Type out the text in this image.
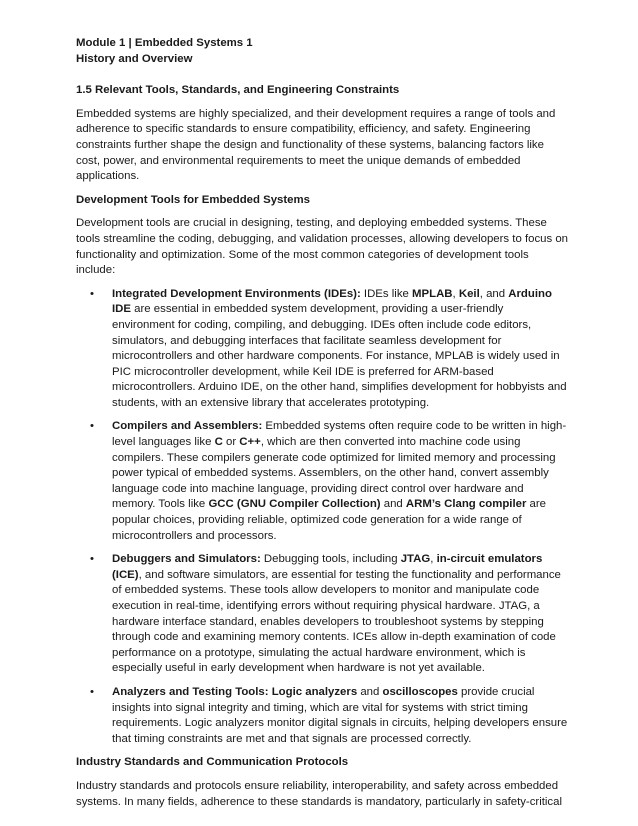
Module 1 | Embedded Systems 1
History and Overview
1.5 Relevant Tools, Standards, and Engineering Constraints

Embedded systems are highly specialized, and their development requires a range of tools and adherence to specific standards to ensure compatibility, efficiency, and safety. Engineering constraints further shape the design and functionality of these systems, balancing factors like cost, power, and environmental requirements to meet the unique demands of embedded applications.

Development Tools for Embedded Systems

Development tools are crucial in designing, testing, and deploying embedded systems. These tools streamline the coding, debugging, and validation processes, allowing developers to focus on functionality and optimization. Some of the most common categories of development tools include:

• Integrated Development Environments (IDEs): IDEs like MPLAB, Keil, and Arduino IDE are essential in embedded system development, providing a user-friendly environment for coding, compiling, and debugging. IDEs often include code editors, simulators, and debugging interfaces that facilitate seamless development for microcontrollers and other hardware components. For instance, MPLAB is widely used in PIC microcontroller development, while Keil IDE is preferred for ARM-based microcontrollers. Arduino IDE, on the other hand, simplifies development for hobbyists and students, with an extensive library that accelerates prototyping.
• Compilers and Assemblers: Embedded systems often require code to be written in high-level languages like C or C++, which are then converted into machine code using compilers. These compilers generate code optimized for limited memory and processing power typical of embedded systems. Assemblers, on the other hand, convert assembly language code into machine language, providing direct control over hardware and memory. Tools like GCC (GNU Compiler Collection) and ARM’s Clang compiler are popular choices, providing reliable, optimized code generation for a wide range of microcontrollers and processors.
• Debuggers and Simulators: Debugging tools, including JTAG, in-circuit emulators (ICE), and software simulators, are essential for testing the functionality and performance of embedded systems. These tools allow developers to monitor and manipulate code execution in real-time, identifying errors without requiring physical hardware. JTAG, a hardware interface standard, enables developers to troubleshoot systems by stepping through code and examining memory contents. ICEs allow in-depth examination of code performance on a prototype, simulating the actual hardware environment, which is especially useful in early development when hardware is not yet available.
• Analyzers and Testing Tools: Logic analyzers and oscilloscopes provide crucial insights into signal integrity and timing, which are vital for systems with strict timing requirements. Logic analyzers monitor digital signals in circuits, helping developers ensure that timing constraints are met and that signals are processed correctly.
Industry Standards and Communication Protocols

Industry standards and protocols ensure reliability, interoperability, and safety across embedded systems. In many fields, adherence to these standards is mandatory, particularly in safety-critical
